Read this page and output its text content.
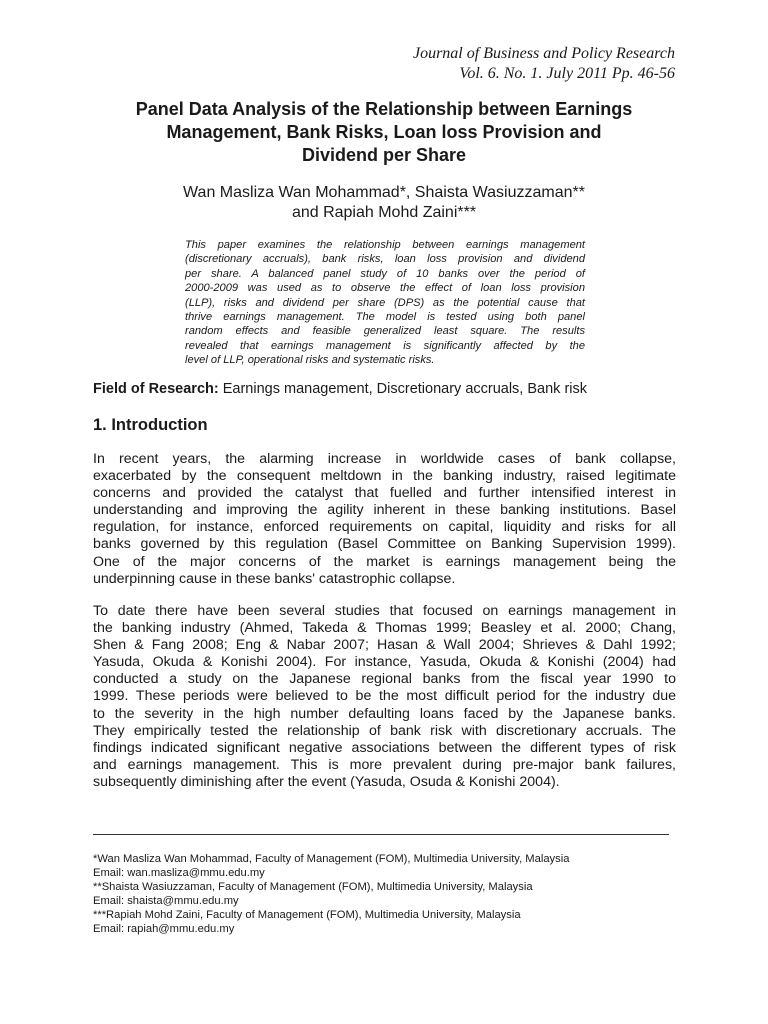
Journal of Business and Policy Research
Vol. 6. No. 1. July 2011 Pp. 46-56
Panel Data Analysis of the Relationship between Earnings
Management, Bank Risks, Loan loss Provision and
Dividend per Share
Wan Masliza Wan Mohammad*, Shaista Wasiuzzaman**
and Rapiah Mohd Zaini***
This paper examines the relationship between earnings management
(discretionary accruals), bank risks, loan loss provision and dividend
per share. A balanced panel study of 10 banks over the period of
2000-2009 was used as to observe the effect of loan loss provision
(LLP), risks and dividend per share (DPS) as the potential cause that
thrive earnings management. The model is tested using both panel
random effects and feasible generalized least square. The results
revealed that earnings management is significantly affected by the
level of LLP, operational risks and systematic risks.
Field of Research: Earnings management, Discretionary accruals, Bank risk
1. Introduction
In recent years, the alarming increase in worldwide cases of bank collapse,
exacerbated by the consequent meltdown in the banking industry, raised legitimate
concerns and provided the catalyst that fuelled and further intensified interest in
understanding and improving the agility inherent in these banking institutions. Basel
regulation, for instance, enforced requirements on capital, liquidity and risks for all
banks governed by this regulation (Basel Committee on Banking Supervision 1999).
One of the major concerns of the market is earnings management being the
underpinning cause in these banks' catastrophic collapse.
To date there have been several studies that focused on earnings management in
the banking industry (Ahmed, Takeda & Thomas 1999; Beasley et al. 2000; Chang,
Shen & Fang 2008; Eng & Nabar 2007; Hasan & Wall 2004; Shrieves & Dahl 1992;
Yasuda, Okuda & Konishi 2004). For instance, Yasuda, Okuda & Konishi (2004) had
conducted a study on the Japanese regional banks from the fiscal year 1990 to
1999. These periods were believed to be the most difficult period for the industry due
to the severity in the high number defaulting loans faced by the Japanese banks.
They empirically tested the relationship of bank risk with discretionary accruals. The
findings indicated significant negative associations between the different types of risk
and earnings management. This is more prevalent during pre-major bank failures,
subsequently diminishing after the event (Yasuda, Osuda & Konishi 2004).
*Wan Masliza Wan Mohammad, Faculty of Management (FOM), Multimedia University, Malaysia
Email: wan.masliza@mmu.edu.my
**Shaista Wasiuzzaman, Faculty of Management (FOM), Multimedia University, Malaysia
Email: shaista@mmu.edu.my
***Rapiah Mohd Zaini, Faculty of Management (FOM), Multimedia University, Malaysia
Email: rapiah@mmu.edu.my
